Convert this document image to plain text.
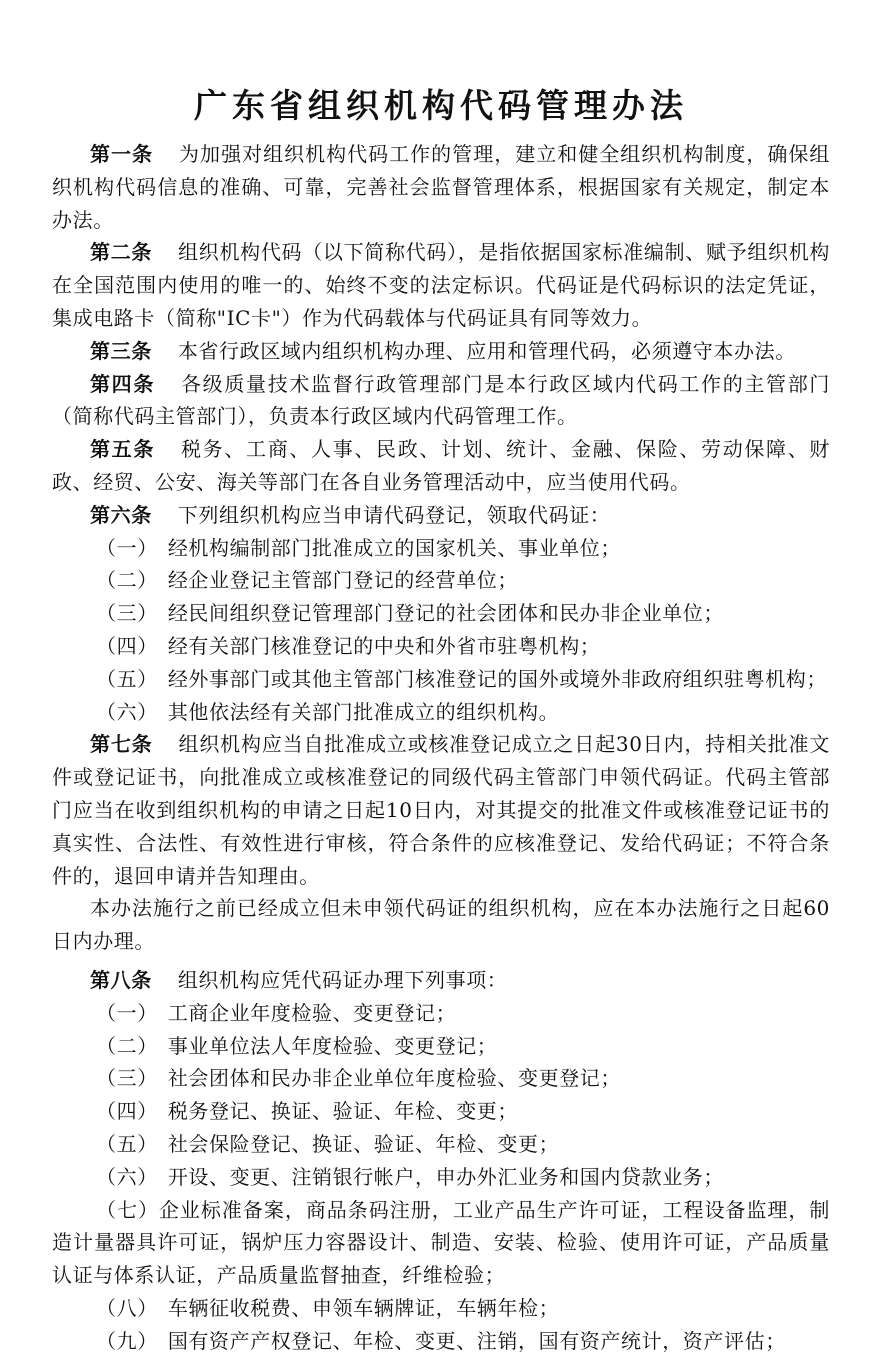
广东省组织机构代码管理办法

第一条 为加强对组织机构代码工作的管理，建立和健全组织机构制度，确保组织机构代码信息的准确、可靠，完善社会监督管理体系，根据国家有关规定，制定本办法。

第二条 组织机构代码（以下简称代码），是指依据国家标准编制、赋予组织机构在全国范围内使用的唯一的、始终不变的法定标识。代码证是代码标识的法定凭证，集成电路卡（简称"IC卡"）作为代码载体与代码证具有同等效力。

第三条 本省行政区域内组织机构办理、应用和管理代码，必须遵守本办法。

第四条 各级质量技术监督行政管理部门是本行政区域内代码工作的主管部门（简称代码主管部门），负责本行政区域内代码管理工作。

第五条 税务、工商、人事、民政、计划、统计、金融、保险、劳动保障、财政、经贸、公安、海关等部门在各自业务管理活动中，应当使用代码。

第六条 下列组织机构应当申请代码登记，领取代码证：

（一） 经机构编制部门批准成立的国家机关、事业单位；

（二） 经企业登记主管部门登记的经营单位；

（三） 经民间组织登记管理部门登记的社会团体和民办非企业单位；

（四） 经有关部门核准登记的中央和外省市驻粤机构；

（五） 经外事部门或其他主管部门核准登记的国外或境外非政府组织驻粤机构；

（六） 其他依法经有关部门批准成立的组织机构。

第七条 组织机构应当自批准成立或核准登记成立之日起30日内，持相关批准文件或登记证书，向批准成立或核准登记的同级代码主管部门申领代码证。代码主管部门应当在收到组织机构的申请之日起10日内，对其提交的批准文件或核准登记证书的真实性、合法性、有效性进行审核，符合条件的应核准登记、发给代码证；不符合条件的，退回申请并告知理由。

本办法施行之前已经成立但未申领代码证的组织机构，应在本办法施行之日起60日内办理。

第八条 组织机构应凭代码证办理下列事项：

（一） 工商企业年度检验、变更登记；

（二） 事业单位法人年度检验、变更登记；

（三） 社会团体和民办非企业单位年度检验、变更登记；

（四） 税务登记、换证、验证、年检、变更；

（五） 社会保险登记、换证、验证、年检、变更；

（六） 开设、变更、注销银行帐户，申办外汇业务和国内贷款业务；

（七）企业标准备案，商品条码注册，工业产品生产许可证，工程设备监理，制造计量器具许可证，锅炉压力容器设计、制造、安装、检验、使用许可证，产品质量认证与体系认证，产品质量监督抽查，纤维检验；

（八） 车辆征收税费、申领车辆牌证，车辆年检；

（九） 国有资产产权登记、年检、变更、注销，国有资产统计，资产评估；
